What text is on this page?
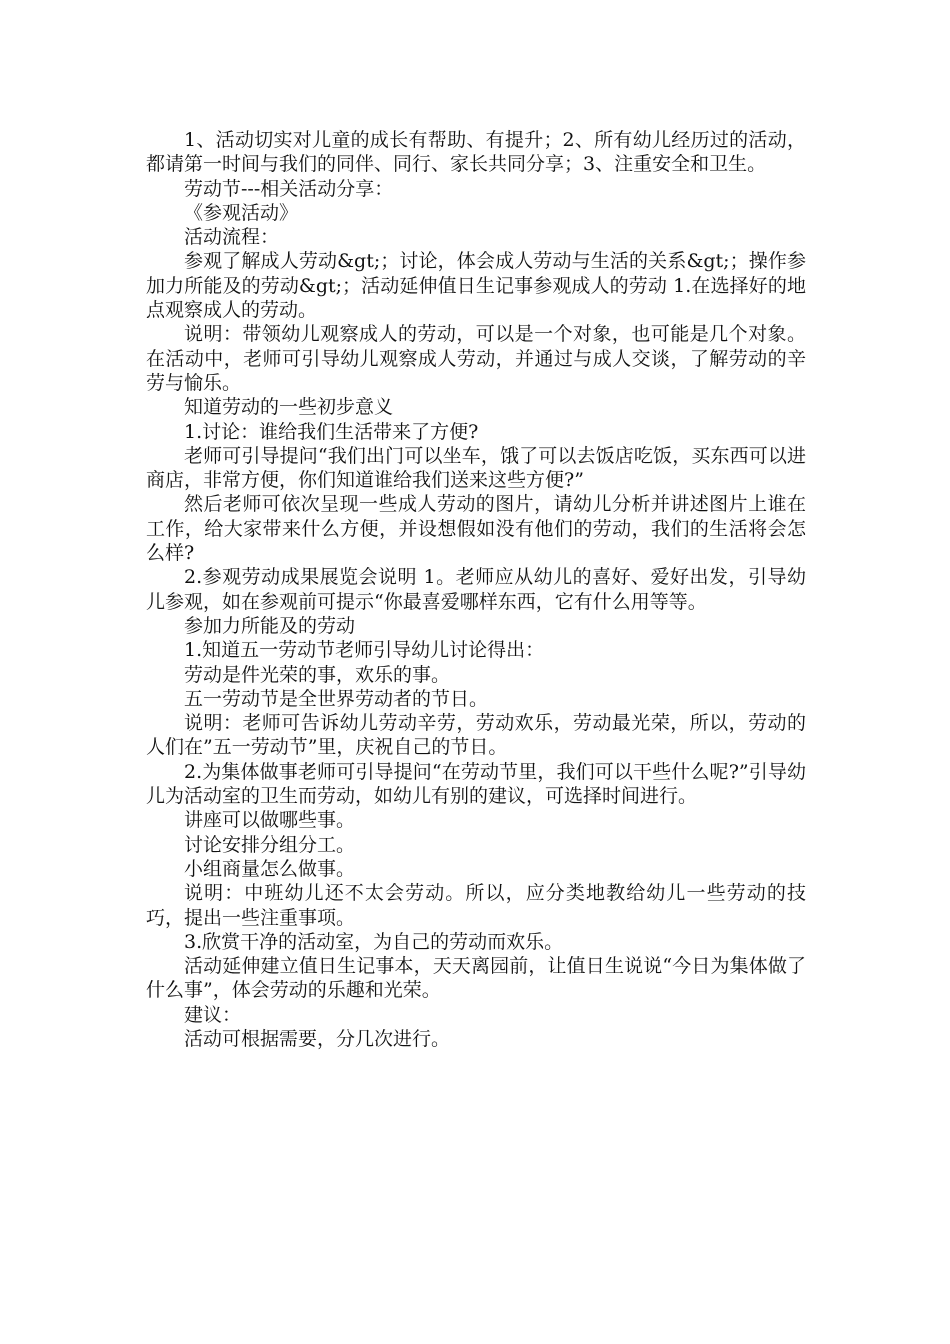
1、活动切实对儿童的成长有帮助、有提升；2、所有幼儿经历过的活动，都请第一时间与我们的同伴、同行、家长共同分享；3、注重安全和卫生。

劳动节---相关活动分享：

《参观活动》

活动流程：

参观了解成人劳动&gt;；讨论，体会成人劳动与生活的关系&gt;；操作参加力所能及的劳动&gt;；活动延伸值日生记事参观成人的劳动 1.在选择好的地点观察成人的劳动。

说明：带领幼儿观察成人的劳动，可以是一个对象，也可能是几个对象。在活动中，老师可引导幼儿观察成人劳动，并通过与成人交谈，了解劳动的辛劳与愉乐。

知道劳动的一些初步意义

1.讨论：谁给我们生活带来了方便?

老师可引导提问“我们出门可以坐车，饿了可以去饭店吃饭，买东西可以进商店，非常方便，你们知道谁给我们送来这些方便?”

然后老师可依次呈现一些成人劳动的图片，请幼儿分析并讲述图片上谁在工作，给大家带来什么方便，并设想假如没有他们的劳动，我们的生活将会怎么样?

2.参观劳动成果展览会说明 1。老师应从幼儿的喜好、爱好出发，引导幼儿参观，如在参观前可提示“你最喜爱哪样东西，它有什么用等等。

参加力所能及的劳动

1.知道五一劳动节老师引导幼儿讨论得出：

劳动是件光荣的事，欢乐的事。

五一劳动节是全世界劳动者的节日。

说明：老师可告诉幼儿劳动辛劳，劳动欢乐，劳动最光荣，所以，劳动的人们在”五一劳动节”里，庆祝自己的节日。

2.为集体做事老师可引导提问“在劳动节里，我们可以干些什么呢?”引导幼儿为活动室的卫生而劳动，如幼儿有别的建议，可选择时间进行。

讲座可以做哪些事。

讨论安排分组分工。

小组商量怎么做事。

说明：中班幼儿还不太会劳动。所以，应分类地教给幼儿一些劳动的技巧，提出一些注重事项。

3.欣赏干净的活动室，为自己的劳动而欢乐。

活动延伸建立值日生记事本，天天离园前，让值日生说说“今日为集体做了什么事”，体会劳动的乐趣和光荣。

建议：

活动可根据需要，分几次进行。
